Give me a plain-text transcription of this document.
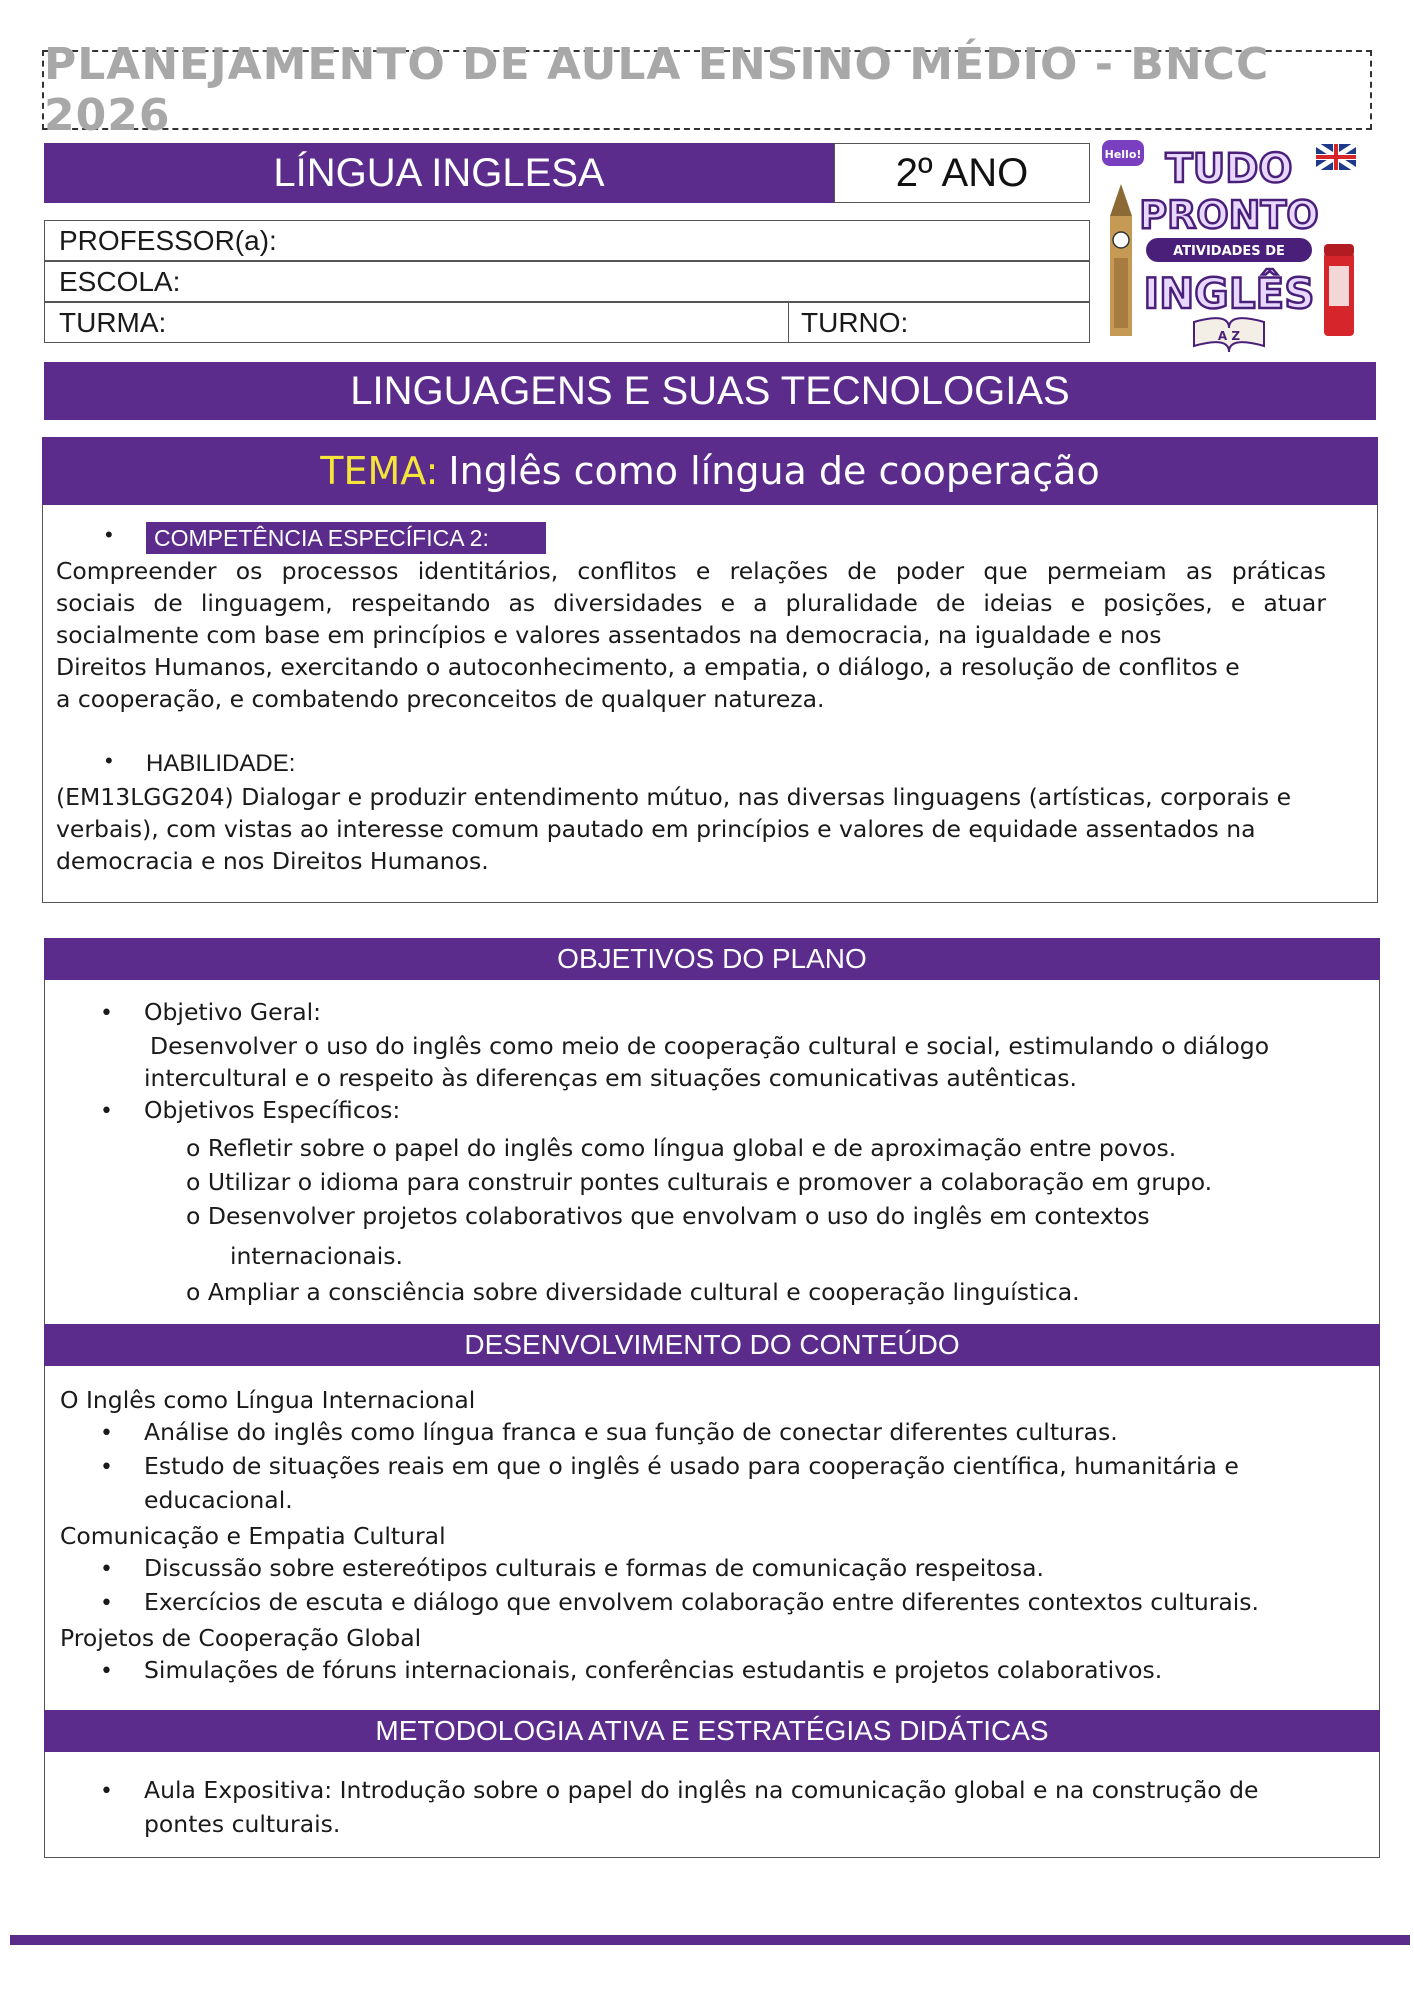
PLANEJAMENTO DE AULA ENSINO MÉDIO - BNCC 2026
LÍNGUA INGLESA	2º ANO
PROFESSOR(a):
ESCOLA:
TURMA:	TURNO:
Hello! TUDO
PRONTO
ATIVIDADES DE
INGLÊS
A Z
LINGUAGENS E SUAS TECNOLOGIAS
TEMA: Inglês como língua de cooperação
• COMPETÊNCIA ESPECÍFICA 2:
Compreender os processos identitários, conflitos e relações de poder que permeiam as práticas
sociais de linguagem, respeitando as diversidades e a pluralidade de ideias e posições, e atuar
socialmente com base em princípios e valores assentados na democracia, na igualdade e nos
Direitos Humanos, exercitando o autoconhecimento, a empatia, o diálogo, a resolução de conflitos e
a cooperação, e combatendo preconceitos de qualquer natureza.
• HABILIDADE:
(EM13LGG204) Dialogar e produzir entendimento mútuo, nas diversas linguagens (artísticas, corporais e
verbais), com vistas ao interesse comum pautado em princípios e valores de equidade assentados na
democracia e nos Direitos Humanos.
OBJETIVOS DO PLANO
• Objetivo Geral:
Desenvolver o uso do inglês como meio de cooperação cultural e social, estimulando o diálogo
intercultural e o respeito às diferenças em situações comunicativas autênticas.
• Objetivos Específicos:
o Refletir sobre o papel do inglês como língua global e de aproximação entre povos.
o Utilizar o idioma para construir pontes culturais e promover a colaboração em grupo.
o Desenvolver projetos colaborativos que envolvam o uso do inglês em contextos
internacionais.
o Ampliar a consciência sobre diversidade cultural e cooperação linguística.
DESENVOLVIMENTO DO CONTEÚDO
O Inglês como Língua Internacional
• Análise do inglês como língua franca e sua função de conectar diferentes culturas.
• Estudo de situações reais em que o inglês é usado para cooperação científica, humanitária e
educacional.
Comunicação e Empatia Cultural
• Discussão sobre estereótipos culturais e formas de comunicação respeitosa.
• Exercícios de escuta e diálogo que envolvem colaboração entre diferentes contextos culturais.
Projetos de Cooperação Global
• Simulações de fóruns internacionais, conferências estudantis e projetos colaborativos.
METODOLOGIA ATIVA E ESTRATÉGIAS DIDÁTICAS
• Aula Expositiva: Introdução sobre o papel do inglês na comunicação global e na construção de
pontes culturais.
